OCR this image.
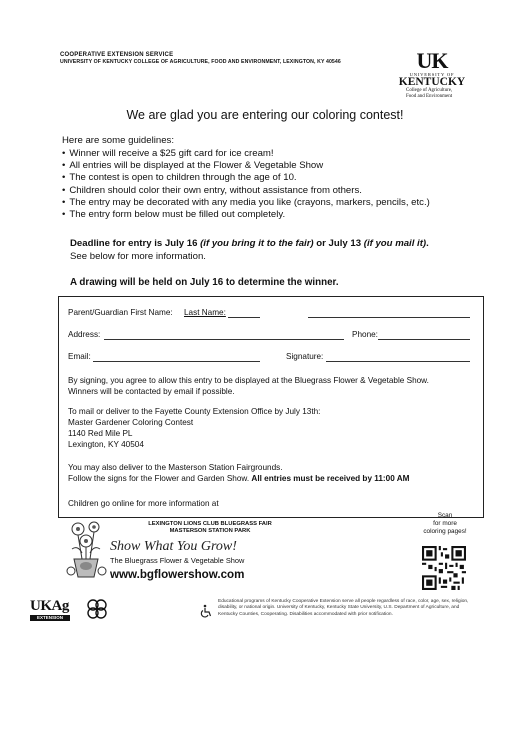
COOPERATIVE EXTENSION SERVICE
UNIVERSITY OF KENTUCKY COLLEGE OF AGRICULTURE, FOOD AND ENVIRONMENT, LEXINGTON, KY 40546	UK
UNIVERSITY OF
KENTUCKY
College of Agriculture,
Food and Environment
We are glad you are entering our coloring contest!
Here are some guidelines:
• Winner will receive a $25 gift card for ice cream!
• All entries will be displayed at the Flower & Vegetable Show
• The contest is open to children through the age of 10.
• Children should color their own entry, without assistance from others.
• The entry may be decorated with any media you like (crayons, markers, pencils, etc.)
• The entry form below must be filled out completely.
Deadline for entry is July 16 (if you bring it to the fair) or July 13 (if you mail it).
See below for more information.
A drawing will be held on July 16 to determine the winner.
Parent/Guardian First Name: Last Name:
Address:	Phone:
Email:	Signature:
By signing, you agree to allow this entry to be displayed at the Bluegrass Flower & Vegetable Show.
Winners will be contacted by email if possible.
To mail or deliver to the Fayette County Extension Office by July 13th:
Master Gardener Coloring Contest
1140 Red Mile PL
Lexington, KY 40504
You may also deliver to the Masterson Station Fairgrounds.
Follow the signs for the Flower and Garden Show. All entries must be received by 11:00 AM
Children go online for more information at
LEXINGTON LIONS CLUB BLUEGRASS FAIR
MASTERSON STATION PARK
Show What You Grow!
The Bluegrass Flower & Vegetable Show
www.bgflowershow.com
Scan
for more
coloring pages!
UKAg
EXTENSION
Educational programs of Kentucky Cooperative Extension serve all people regardless of race, color, age, sex, religion, disability, or national origin. University of Kentucky, Kentucky State University, U.S. Department of Agriculture, and Kentucky Counties, Cooperating. Disabilities accommodated with prior notification.
